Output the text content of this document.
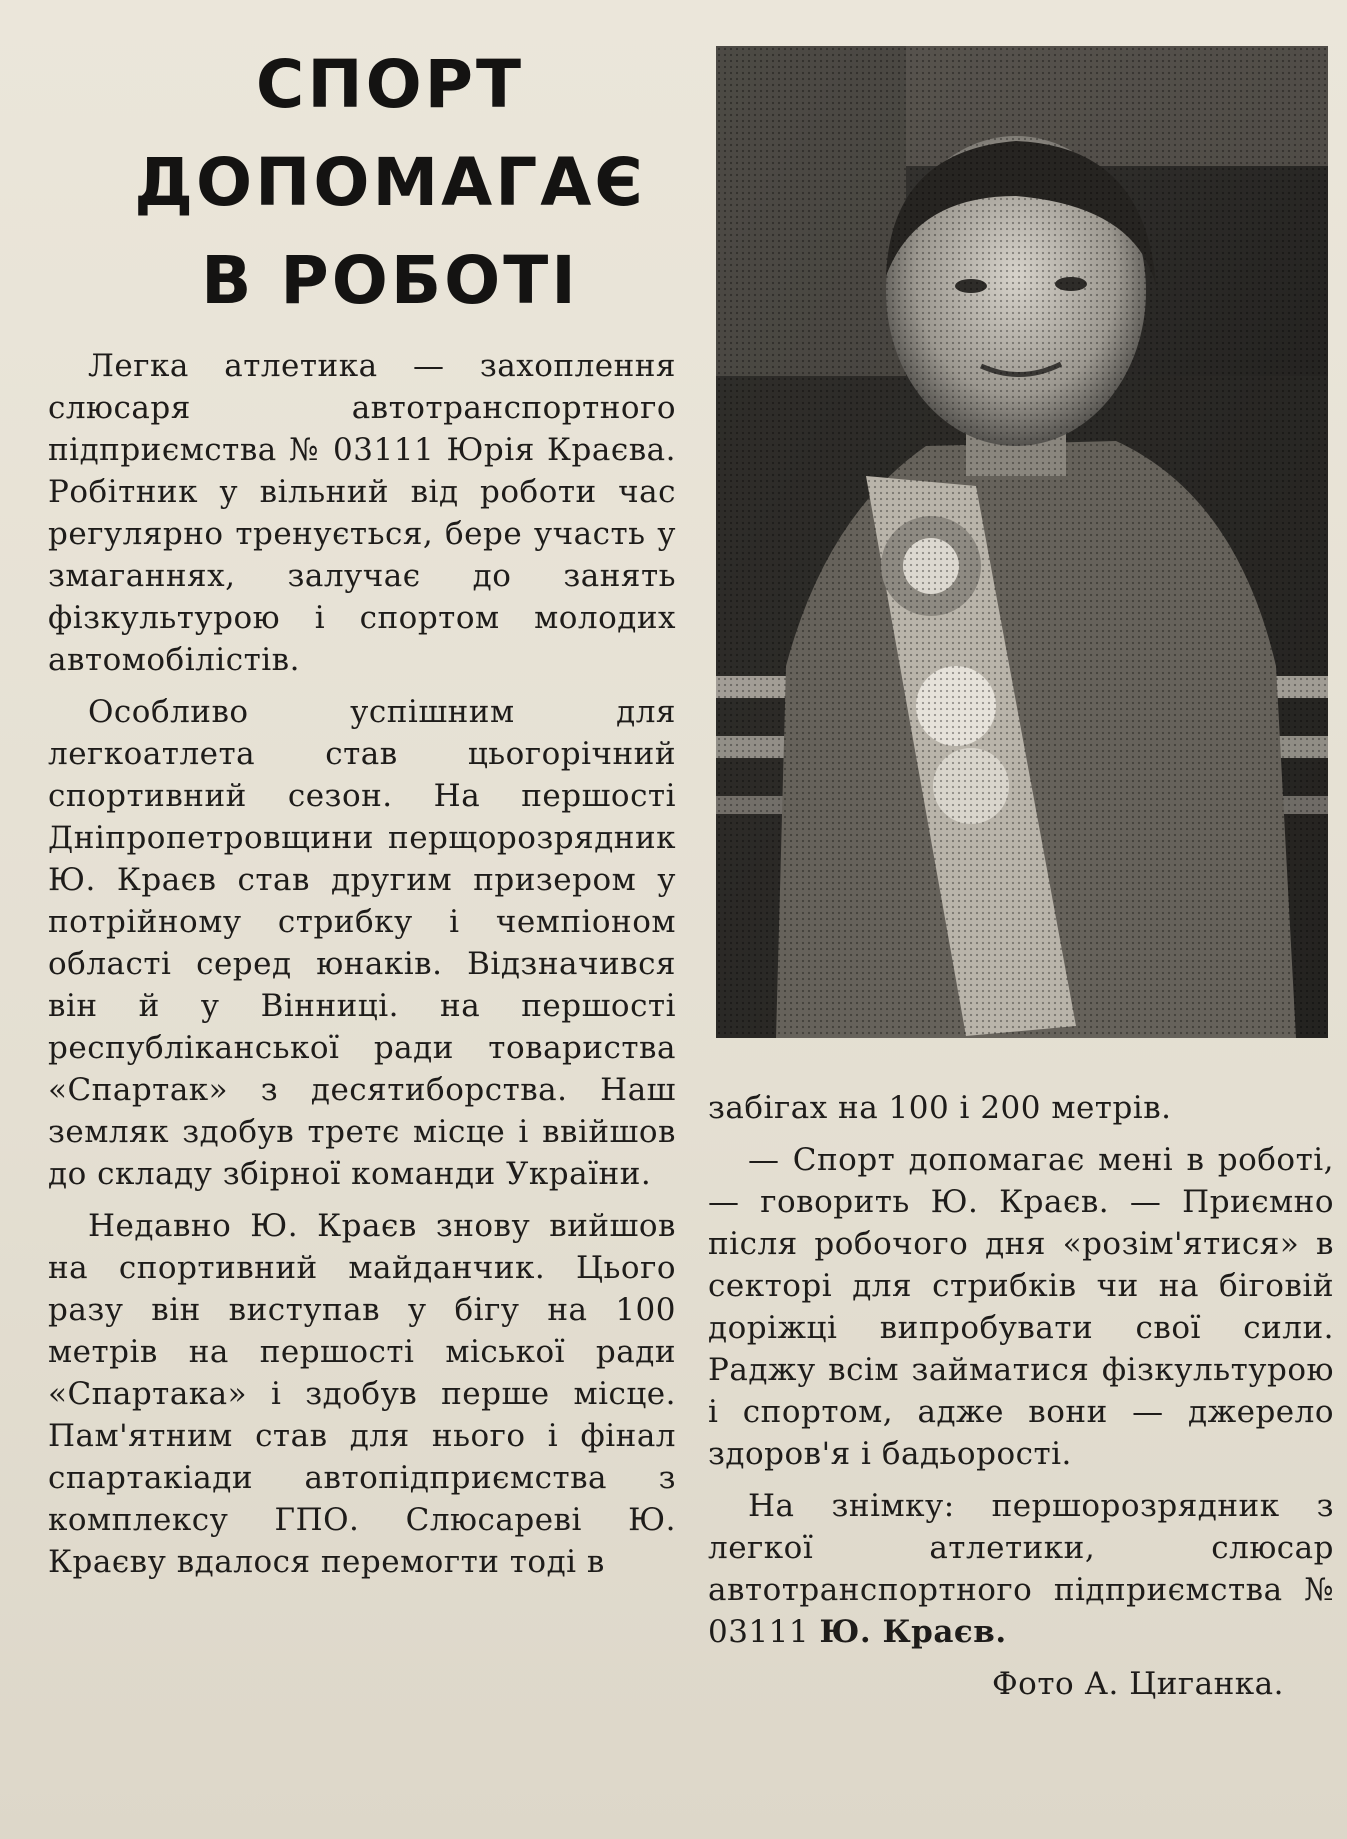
СПОРТ
ДОПОМАГАЄ
В РОБОТІ

Легка атлетика — захоплення слюсаря автотранспортного підприємства № 03111 Юрія Краєва. Робітник у вільний від роботи час регулярно тренується, бере участь у змаганнях, залучає до занять фізкультурою і спортом молодих автомобілістів.

Особливо успішним для легкоатлета став цьогорічний спортивний сезон. На першості Дніпропетровщини перщорозрядник Ю. Краєв став другим призером у потрійному стрибку і чемпіоном області серед юнаків. Відзначився він й у Вінниці. на першості республіканської ради товариства «Спартак» з десятиборства. Наш земляк здобув третє місце і ввійшов до складу збірної команди України.

Недавно Ю. Краєв знову вийшов на спортивний майданчик. Цього разу він виступав у бігу на 100 метрів на першості міської ради «Спартака» і здобув перше місце. Пам'ятним став для нього і фінал спартакіади автопідприємства з комплексу ГПО. Слюсареві Ю. Краєву вдалося перемогти тоді в

забігах на 100 і 200 метрів.

— Спорт допомагає мені в роботі, — говорить Ю. Краєв. — Приємно після робочого дня «розім'ятися» в секторі для стрибків чи на біговій доріжці випробувати свої сили. Раджу всім займатися фізкультурою і спортом, адже вони — джерело здоров'я і бадьорості.

На знімку: першорозрядник з легкої атлетики, слюсар автотранспортного підприємства № 03111 Ю. Краєв.

Фото А. Циганка.
